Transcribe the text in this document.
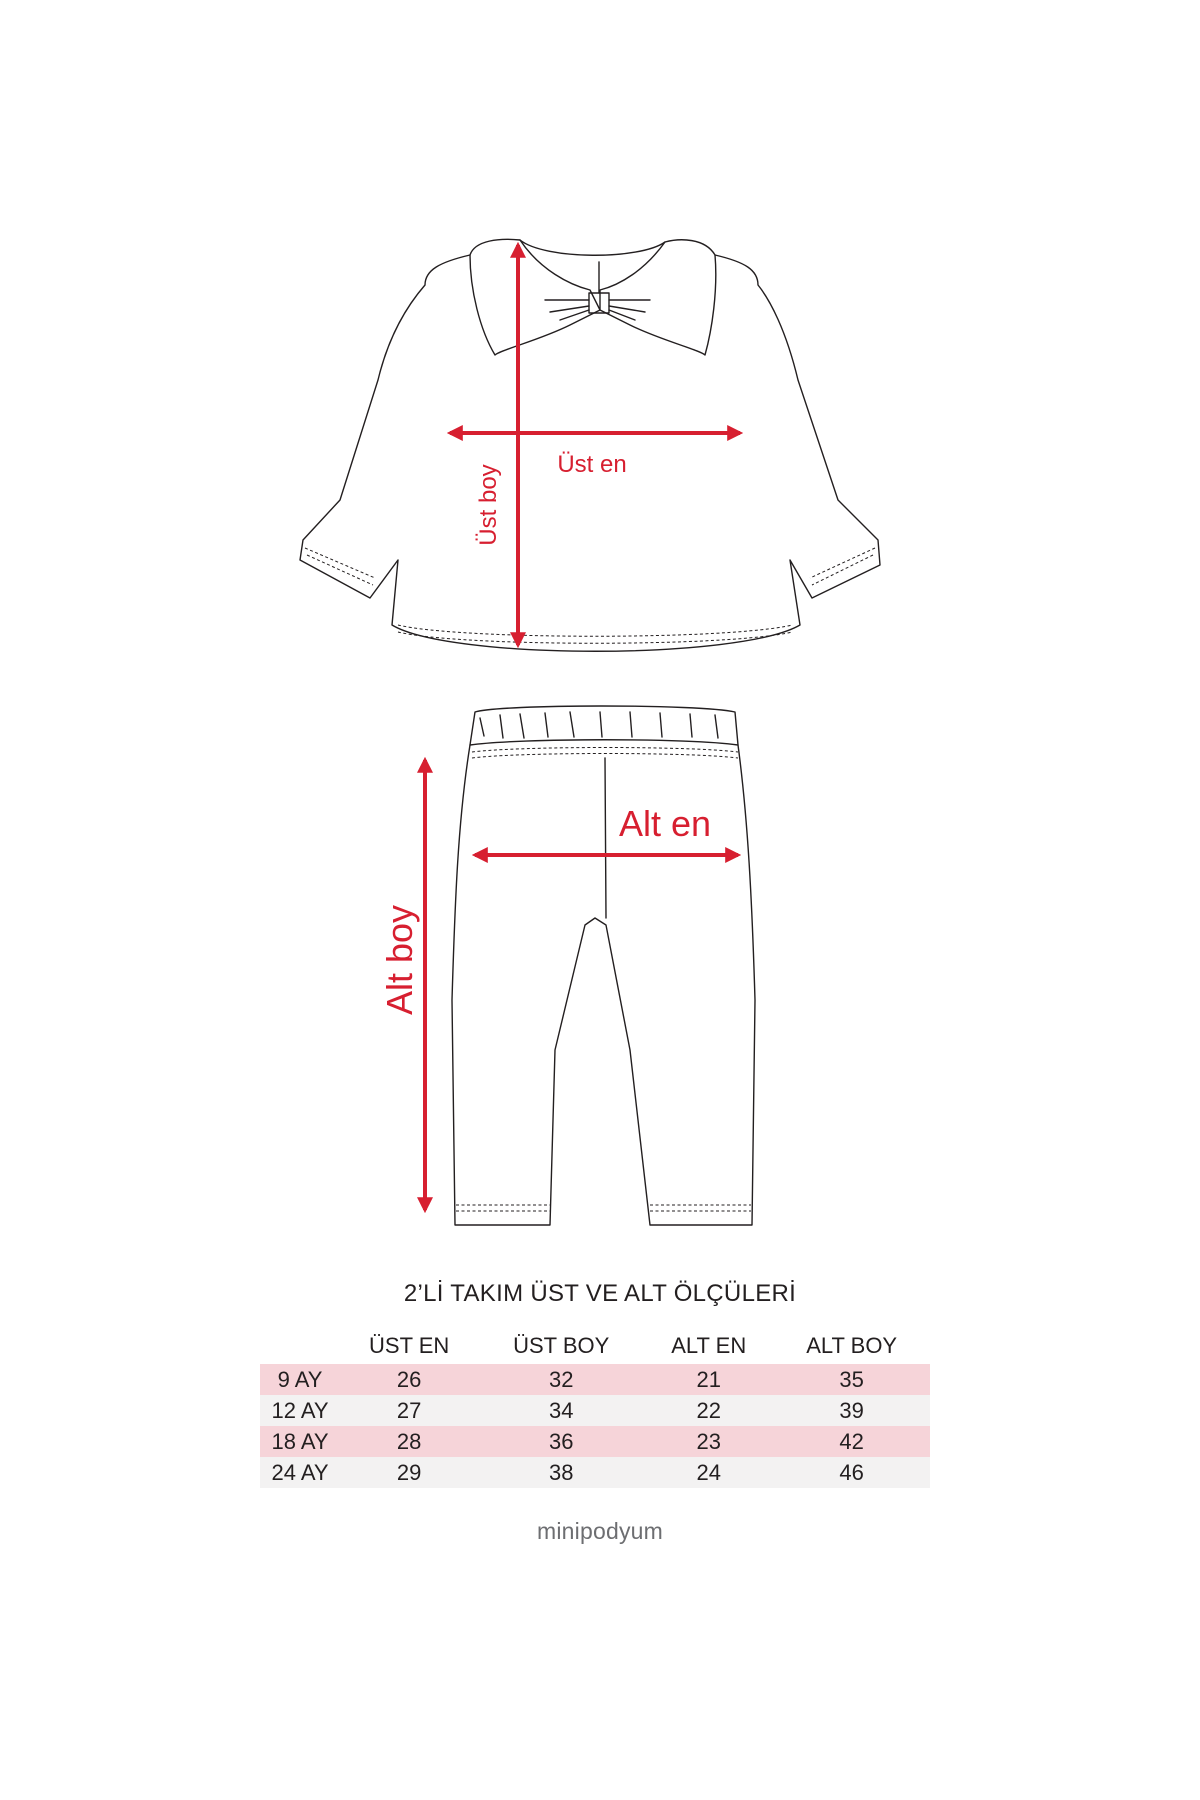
Üst en
Üst boy
Alt en
Alt boy
2’Lİ TAKIM ÜST VE ALT ÖLÇÜLERİ
	ÜST EN	ÜST BOY	ALT EN	ALT BOY
9 AY	26	32	21	35
12 AY	27	34	22	39
18 AY	28	36	23	42
24 AY	29	38	24	46
minipodyum
